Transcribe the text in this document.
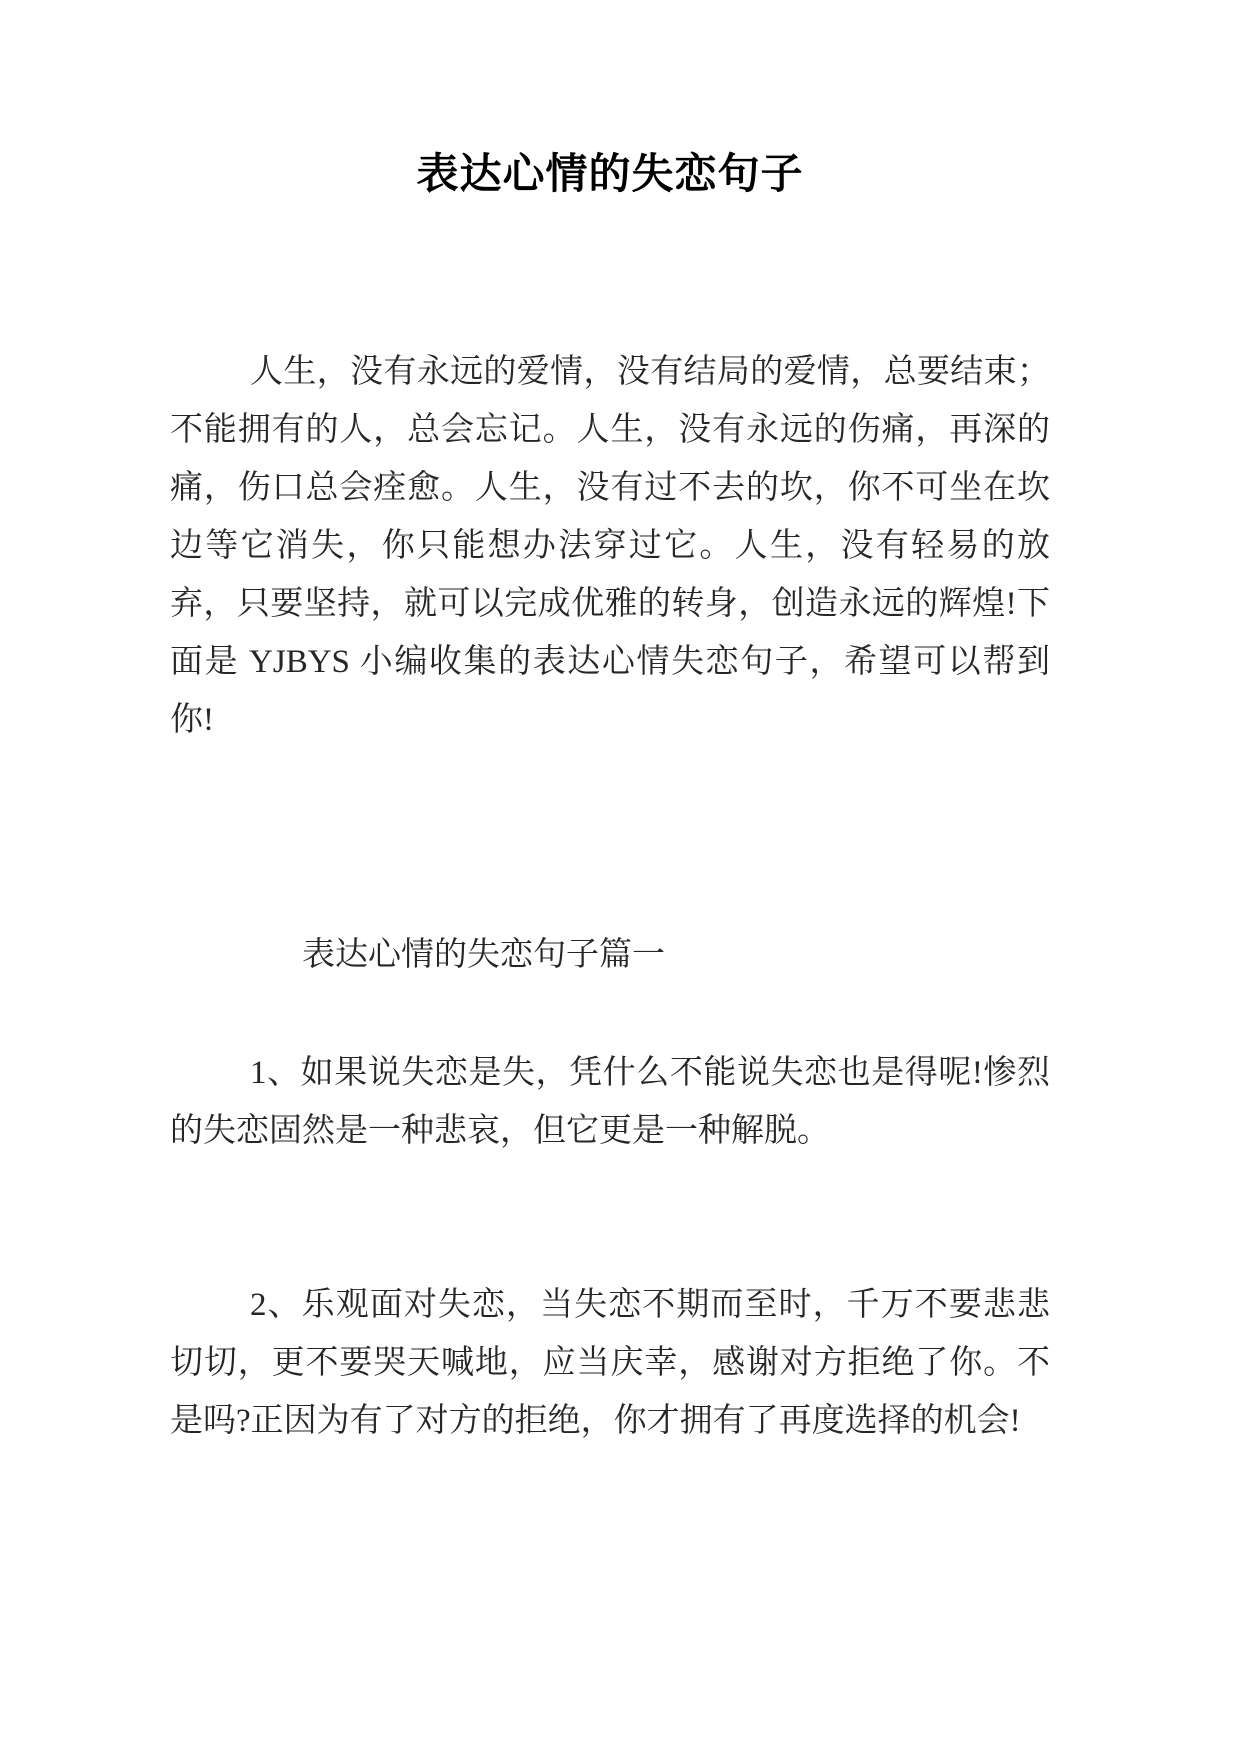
表达心情的失恋句子

人生，没有永远的爱情，没有结局的爱情，总要结束；不能拥有的人，总会忘记。人生，没有永远的伤痛，再深的痛，伤口总会痊愈。人生，没有过不去的坎，你不可坐在坎边等它消失，你只能想办法穿过它。人生，没有轻易的放弃，只要坚持，就可以完成优雅的转身，创造永远的辉煌!下面是 YJBYS 小编收集的表达心情失恋句子，希望可以帮到你!

表达心情的失恋句子篇一

1、如果说失恋是失，凭什么不能说失恋也是得呢!惨烈的失恋固然是一种悲哀，但它更是一种解脱。

2、乐观面对失恋，当失恋不期而至时，千万不要悲悲切切，更不要哭天喊地，应当庆幸，感谢对方拒绝了你。不是吗?正因为有了对方的拒绝，你才拥有了再度选择的机会!
